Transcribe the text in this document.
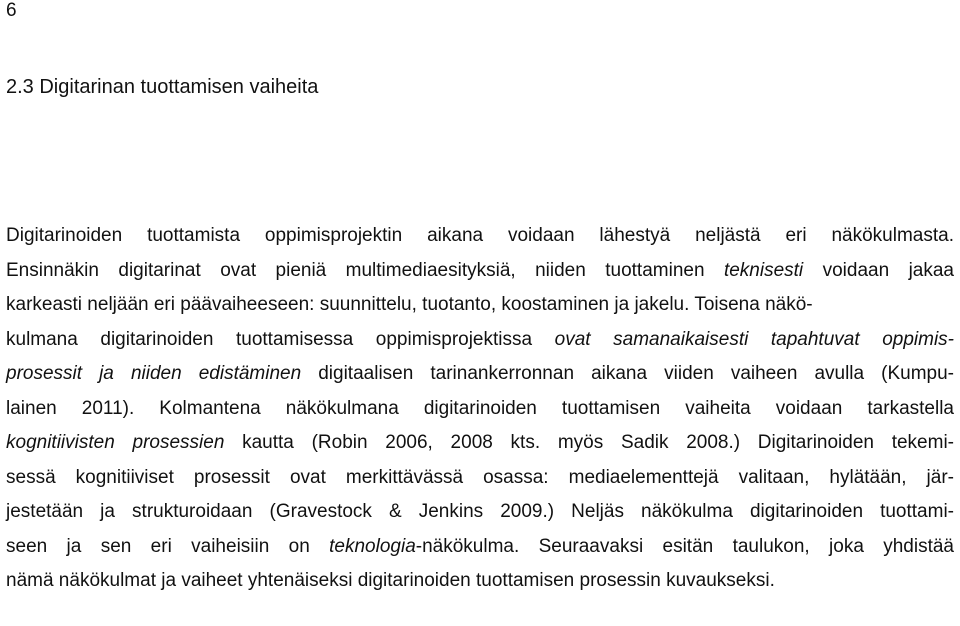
6
2.3 Digitarinan tuottamisen vaiheita
Digitarinoiden tuottamista oppimisprojektin aikana voidaan lähestyä neljästä eri näkökulmasta.
Ensinnäkin digitarinat ovat pieniä multimediaesityksiä, niiden tuottaminen teknisesti voidaan jakaa
karkeasti neljään eri päävaiheeseen: suunnittelu, tuotanto, koostaminen ja jakelu. Toisena näkö-
kulmana digitarinoiden tuottamisessa oppimisprojektissa ovat samanaikaisesti tapahtuvat oppimis-
prosessit ja niiden edistäminen digitaalisen tarinankerronnan aikana viiden vaiheen avulla (Kumpu-
lainen 2011). Kolmantena näkökulmana digitarinoiden tuottamisen vaiheita voidaan tarkastella
kognitiivisten prosessien kautta (Robin 2006, 2008 kts. myös Sadik 2008.) Digitarinoiden tekemi-
sessä kognitiiviset prosessit ovat merkittävässä osassa: mediaelementtejä valitaan, hylätään, jär-
jestetään ja strukturoidaan (Gravestock & Jenkins 2009.) Neljäs näkökulma digitarinoiden tuottami-
seen ja sen eri vaiheisiin on teknologia-näkökulma. Seuraavaksi esitän taulukon, joka yhdistää
nämä näkökulmat ja vaiheet yhtenäiseksi digitarinoiden tuottamisen prosessin kuvaukseksi.
